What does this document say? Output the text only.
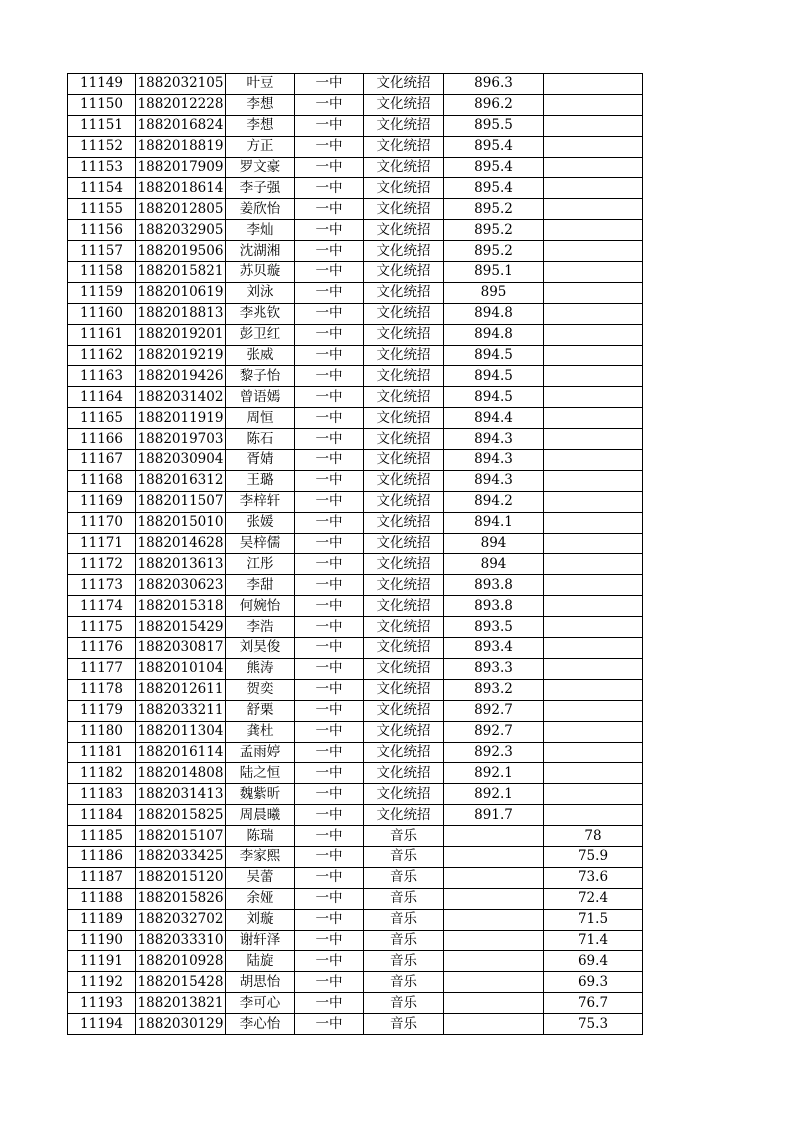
11149	1882032105	叶豆	一中	文化统招	896.3	
11150	1882012228	李想	一中	文化统招	896.2	
11151	1882016824	李想	一中	文化统招	895.5	
11152	1882018819	方正	一中	文化统招	895.4	
11153	1882017909	罗文豪	一中	文化统招	895.4	
11154	1882018614	李子强	一中	文化统招	895.4	
11155	1882012805	姜欣怡	一中	文化统招	895.2	
11156	1882032905	李灿	一中	文化统招	895.2	
11157	1882019506	沈湖湘	一中	文化统招	895.2	
11158	1882015821	苏贝璇	一中	文化统招	895.1	
11159	1882010619	刘泳	一中	文化统招	895	
11160	1882018813	李兆钦	一中	文化统招	894.8	
11161	1882019201	彭卫红	一中	文化统招	894.8	
11162	1882019219	张威	一中	文化统招	894.5	
11163	1882019426	黎子怡	一中	文化统招	894.5	
11164	1882031402	曾语嫣	一中	文化统招	894.5	
11165	1882011919	周恒	一中	文化统招	894.4	
11166	1882019703	陈石	一中	文化统招	894.3	
11167	1882030904	胥婧	一中	文化统招	894.3	
11168	1882016312	王璐	一中	文化统招	894.3	
11169	1882011507	李梓轩	一中	文化统招	894.2	
11170	1882015010	张媛	一中	文化统招	894.1	
11171	1882014628	吴梓儒	一中	文化统招	894	
11172	1882013613	江彤	一中	文化统招	894	
11173	1882030623	李甜	一中	文化统招	893.8	
11174	1882015318	何婉怡	一中	文化统招	893.8	
11175	1882015429	李浩	一中	文化统招	893.5	
11176	1882030817	刘昊俊	一中	文化统招	893.4	
11177	1882010104	熊涛	一中	文化统招	893.3	
11178	1882012611	贺奕	一中	文化统招	893.2	
11179	1882033211	舒栗	一中	文化统招	892.7	
11180	1882011304	龚杜	一中	文化统招	892.7	
11181	1882016114	孟雨婷	一中	文化统招	892.3	
11182	1882014808	陆之恒	一中	文化统招	892.1	
11183	1882031413	魏紫昕	一中	文化统招	892.1	
11184	1882015825	周晨曦	一中	文化统招	891.7	
11185	1882015107	陈瑞	一中	音乐		78
11186	1882033425	李家熙	一中	音乐		75.9
11187	1882015120	吴蕾	一中	音乐		73.6
11188	1882015826	余娅	一中	音乐		72.4
11189	1882032702	刘璇	一中	音乐		71.5
11190	1882033310	谢轩泽	一中	音乐		71.4
11191	1882010928	陆旋	一中	音乐		69.4
11192	1882015428	胡思怡	一中	音乐		69.3
11193	1882013821	李可心	一中	音乐		76.7
11194	1882030129	李心怡	一中	音乐		75.3
